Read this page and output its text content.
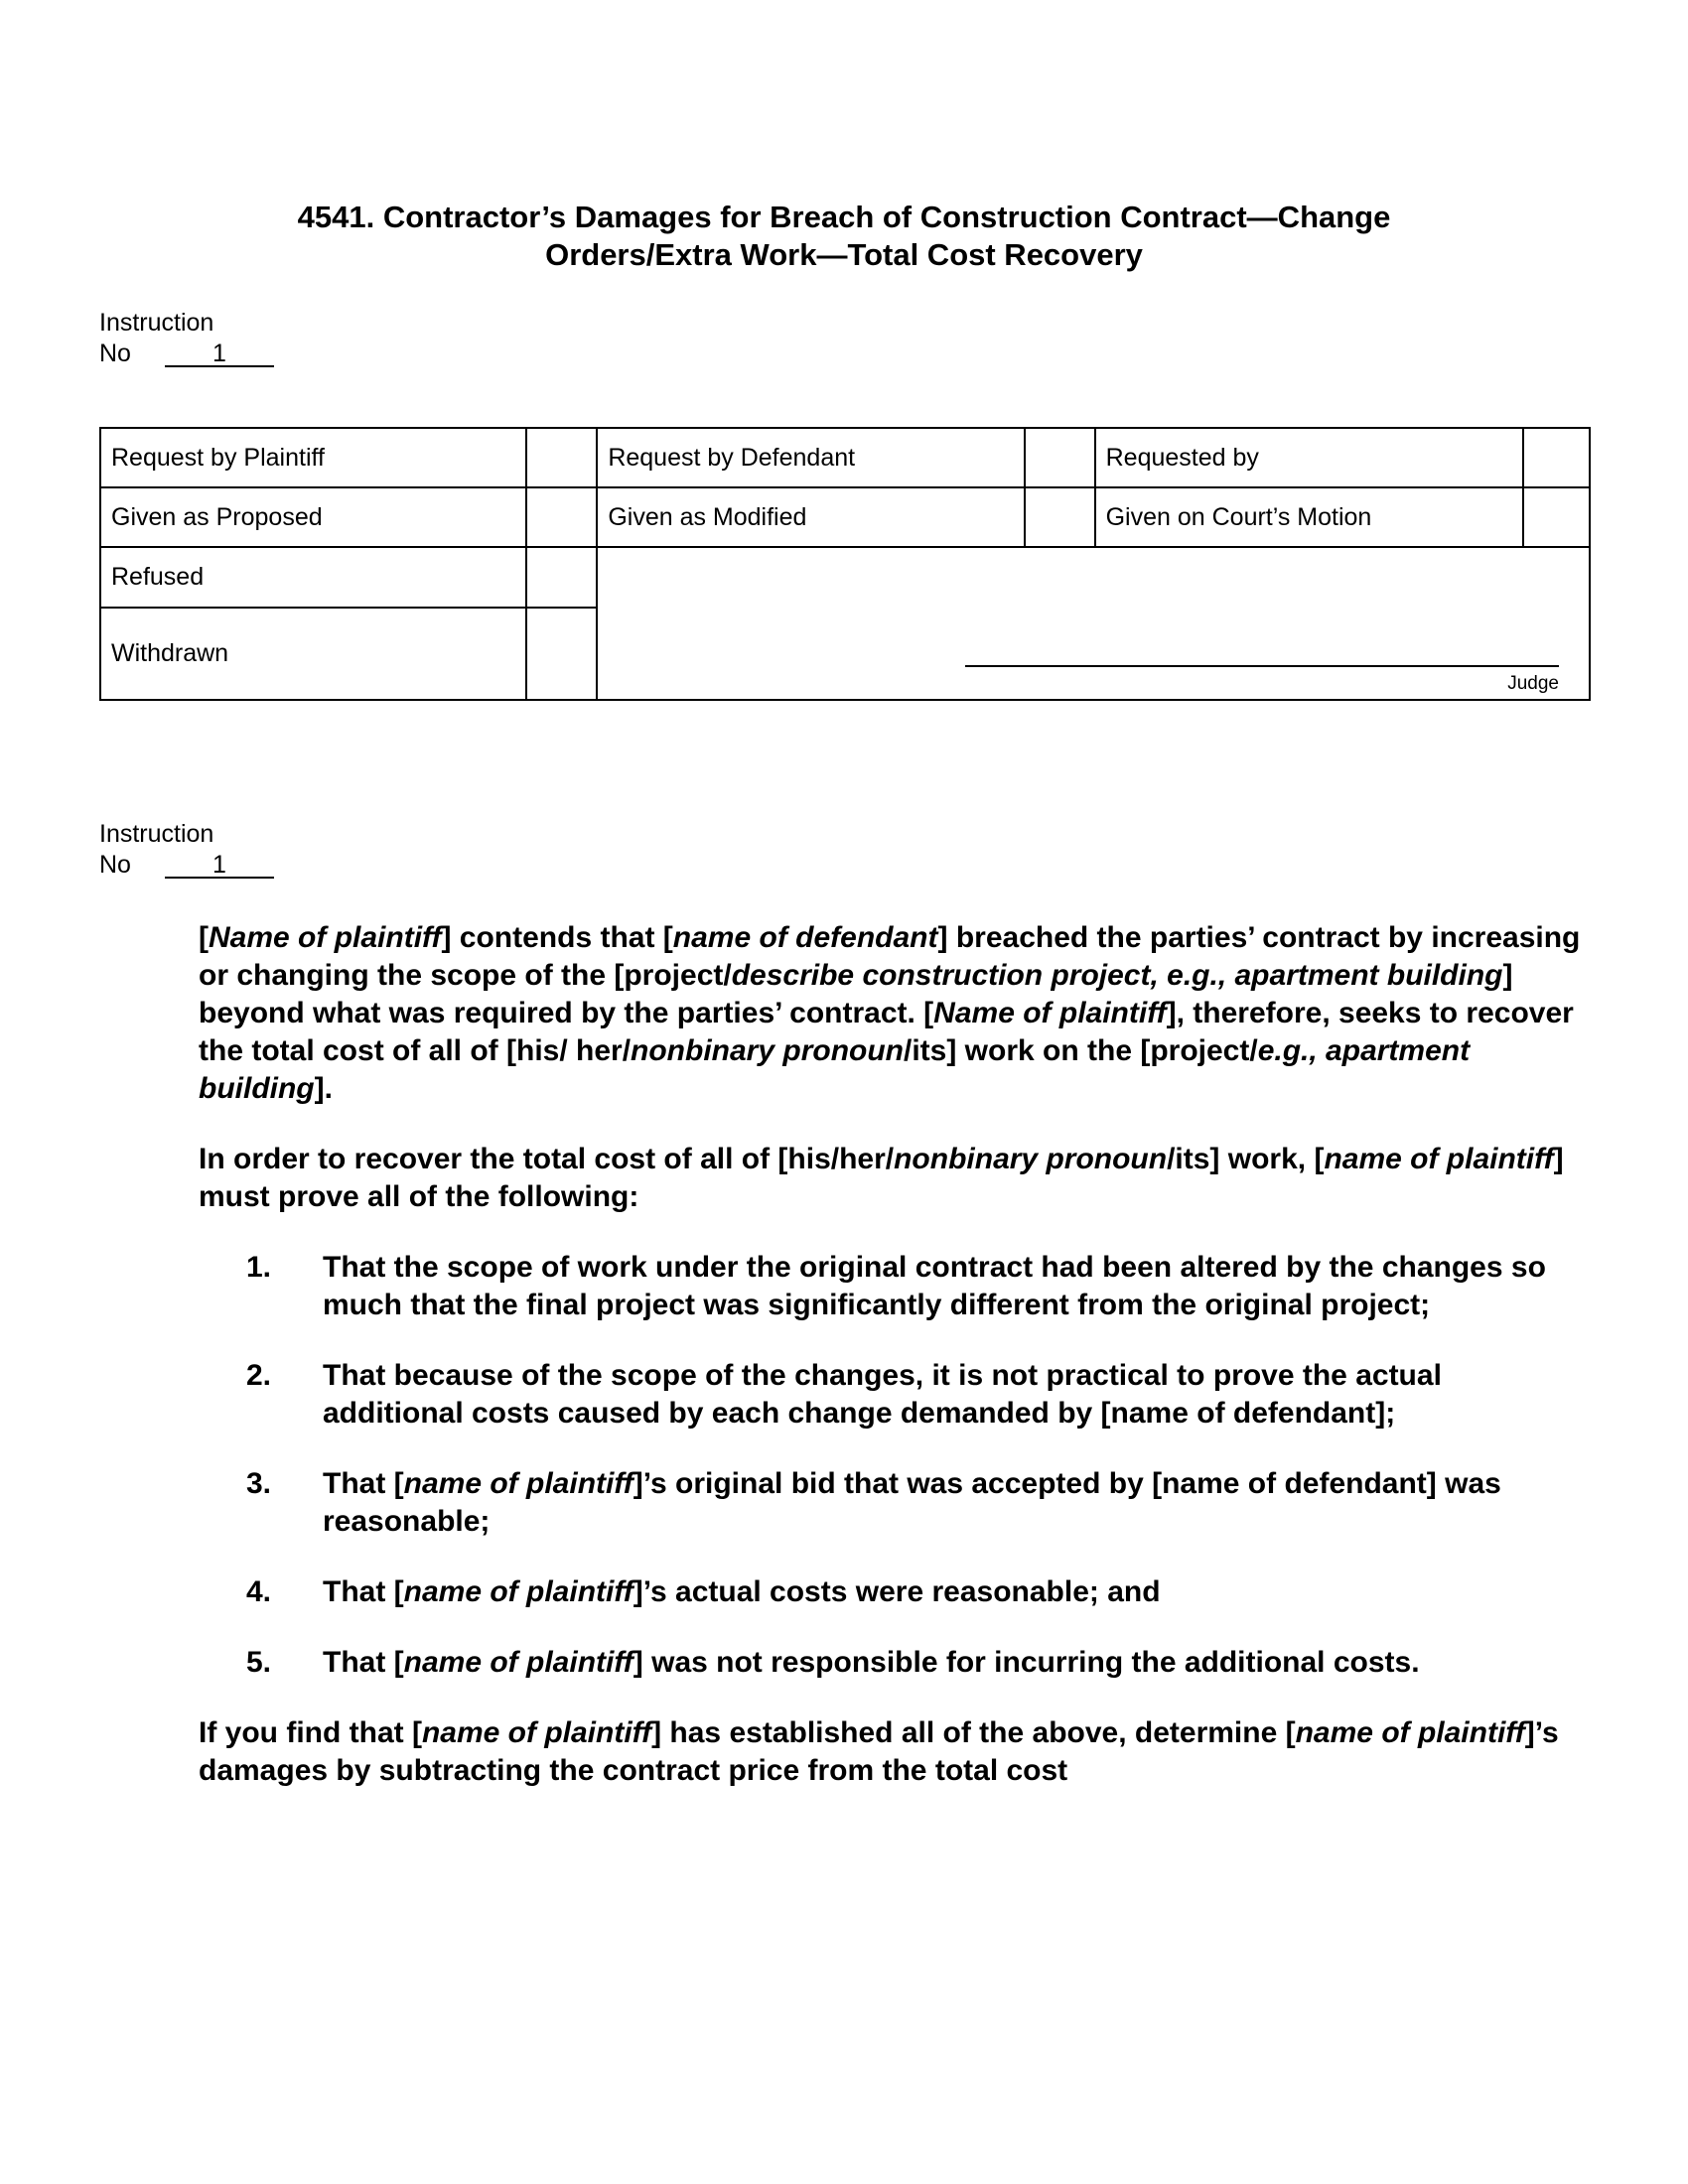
4541. Contractor’s Damages for Breach of Construction Contract—Change
Orders/Extra Work—Total Cost Recovery
Instruction
No	1
Request by Plaintiff		Request by Defendant		Requested by	
Given as Proposed		Given as Modified		Given on Court’s Motion	
Refused		Judge			

Withdrawn					
Instruction
No	1

[Name of plaintiff] contends that [name of defendant] breached the parties’ contract by increasing or changing the scope of the [project/describe construction project, e.g., apartment building] beyond what was required by the parties’ contract. [Name of plaintiff], therefore, seeks to recover the total cost of all of [his/ her/nonbinary pronoun/its] work on the [project/e.g., apartment building].

In order to recover the total cost of all of [his/her/nonbinary pronoun/its] work, [name of plaintiff] must prove all of the following:

1. That the scope of work under the original contract had been altered by the changes so much that the final project was significantly different from the original project;
2. That because of the scope of the changes, it is not practical to prove the actual additional costs caused by each change demanded by [name of defendant];
3. That [name of plaintiff]’s original bid that was accepted by [name of defendant] was reasonable;
4. That [name of plaintiff]’s actual costs were reasonable; and
5. That [name of plaintiff] was not responsible for incurring the additional costs.

If you find that [name of plaintiff] has established all of the above, determine [name of plaintiff]’s damages by subtracting the contract price from the total cost
